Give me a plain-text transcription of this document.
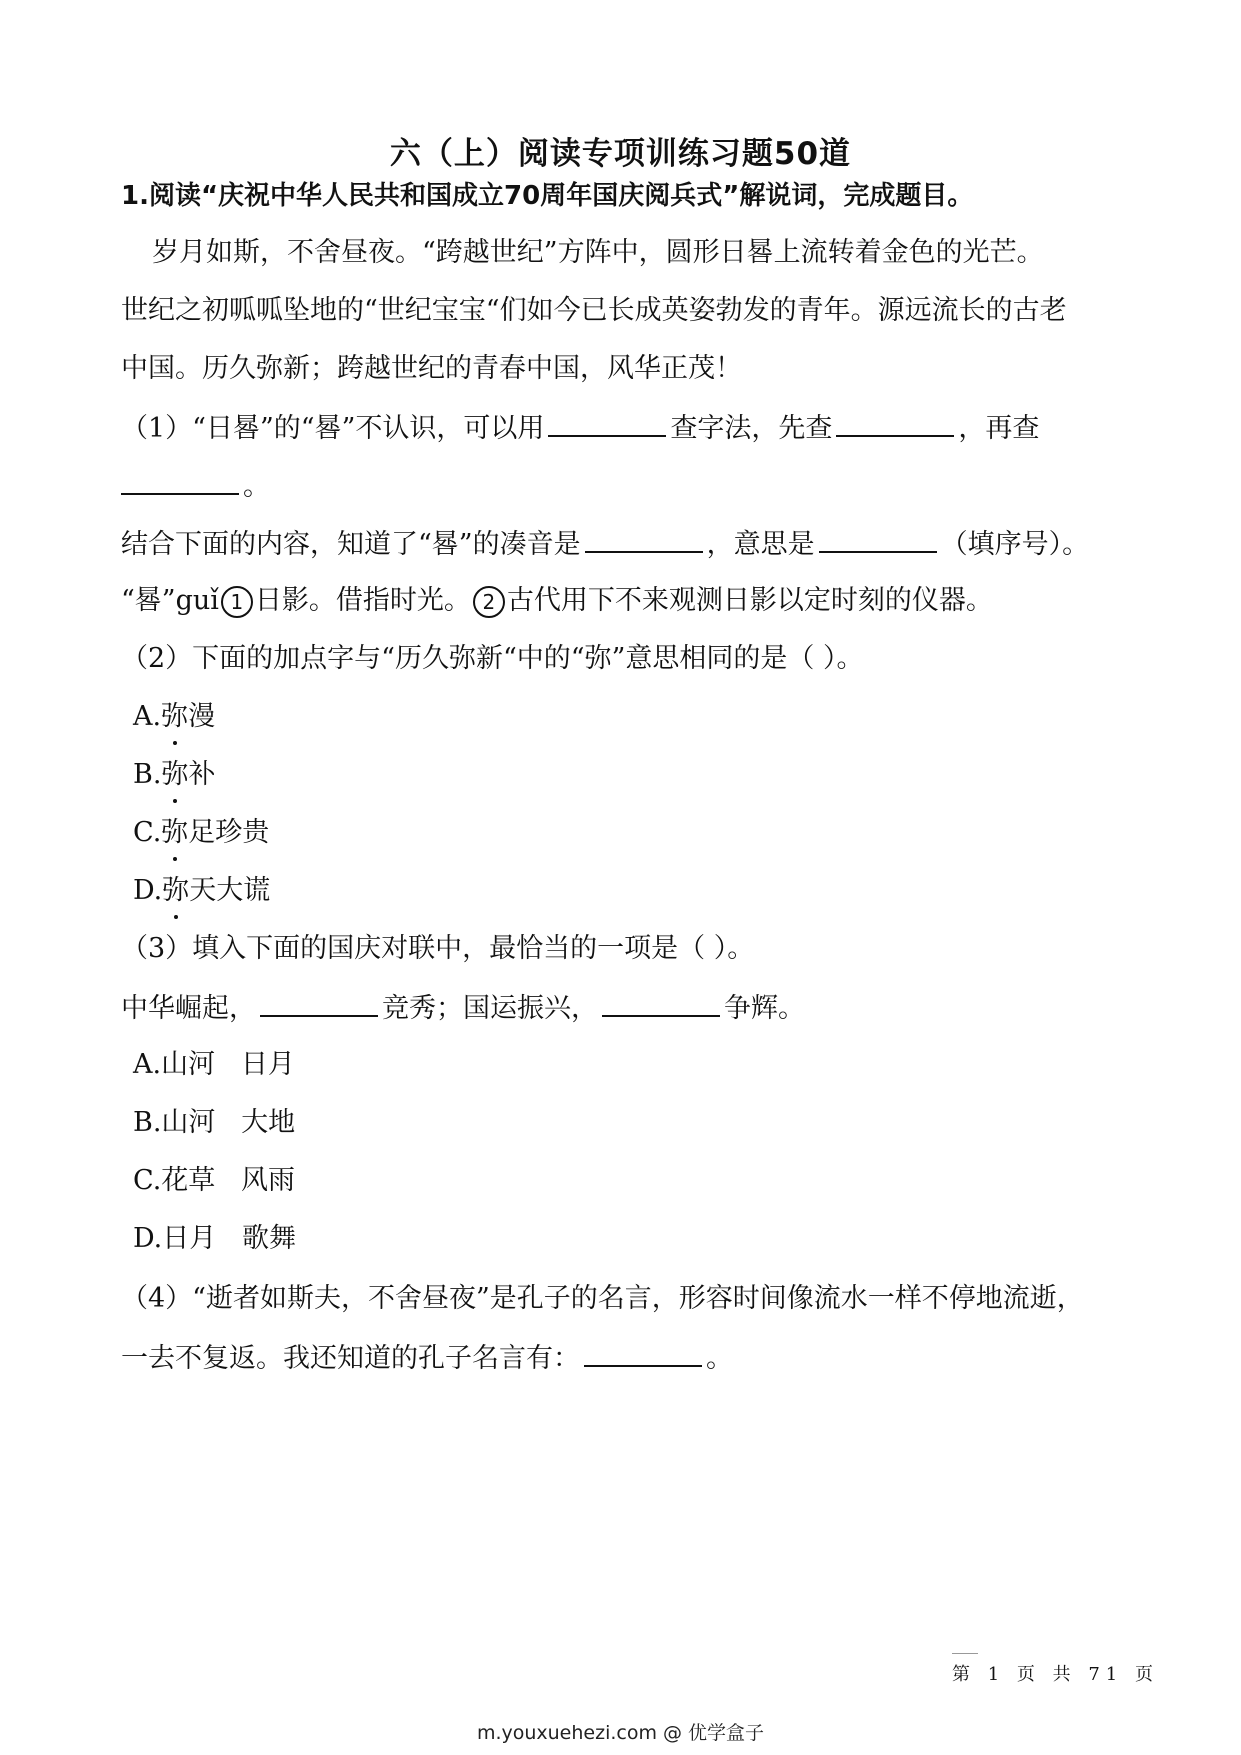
六（上）阅读专项训练习题50道
1.阅读“庆祝中华人民共和国成立70周年国庆阅兵式”解说词，完成题目。
岁月如斯，不舍昼夜。“跨越世纪”方阵中，圆形日晷上流转着金色的光芒。
世纪之初呱呱坠地的“世纪宝宝“们如今已长成英姿勃发的青年。源远流长的古老
中国。历久弥新；跨越世纪的青春中国，风华正茂！
（1）“日晷”的“晷”不认识，可以用	查字法，先查	，再查
。
结合下面的内容，知道了“晷”的凑音是	，意思是	（填序号）。
“晷”guǐ 1 日影。借指时光。 2 古代用下不来观测日影以定时刻的仪器。
（2）下面的加点字与“历久弥新“中的“弥”意思相同的是（ ）。
A.弥漫
B.弥补
C.弥足珍贵
D.弥天大谎
（3）填入下面的国庆对联中，最恰当的一项是（ ）。
中华崛起，	竞秀；国运振兴，	争辉。
A.山河   日月
B.山河   大地
C.花草   风雨
D.日月   歌舞
（4）“逝者如斯夫，不舍昼夜”是孔子的名言，形容时间像流水一样不停地流逝，
一去不复返。我还知道的孔子名言有：	。
第 1 页 共 71 页
m.youxuehezi.com @ 优学盒子
